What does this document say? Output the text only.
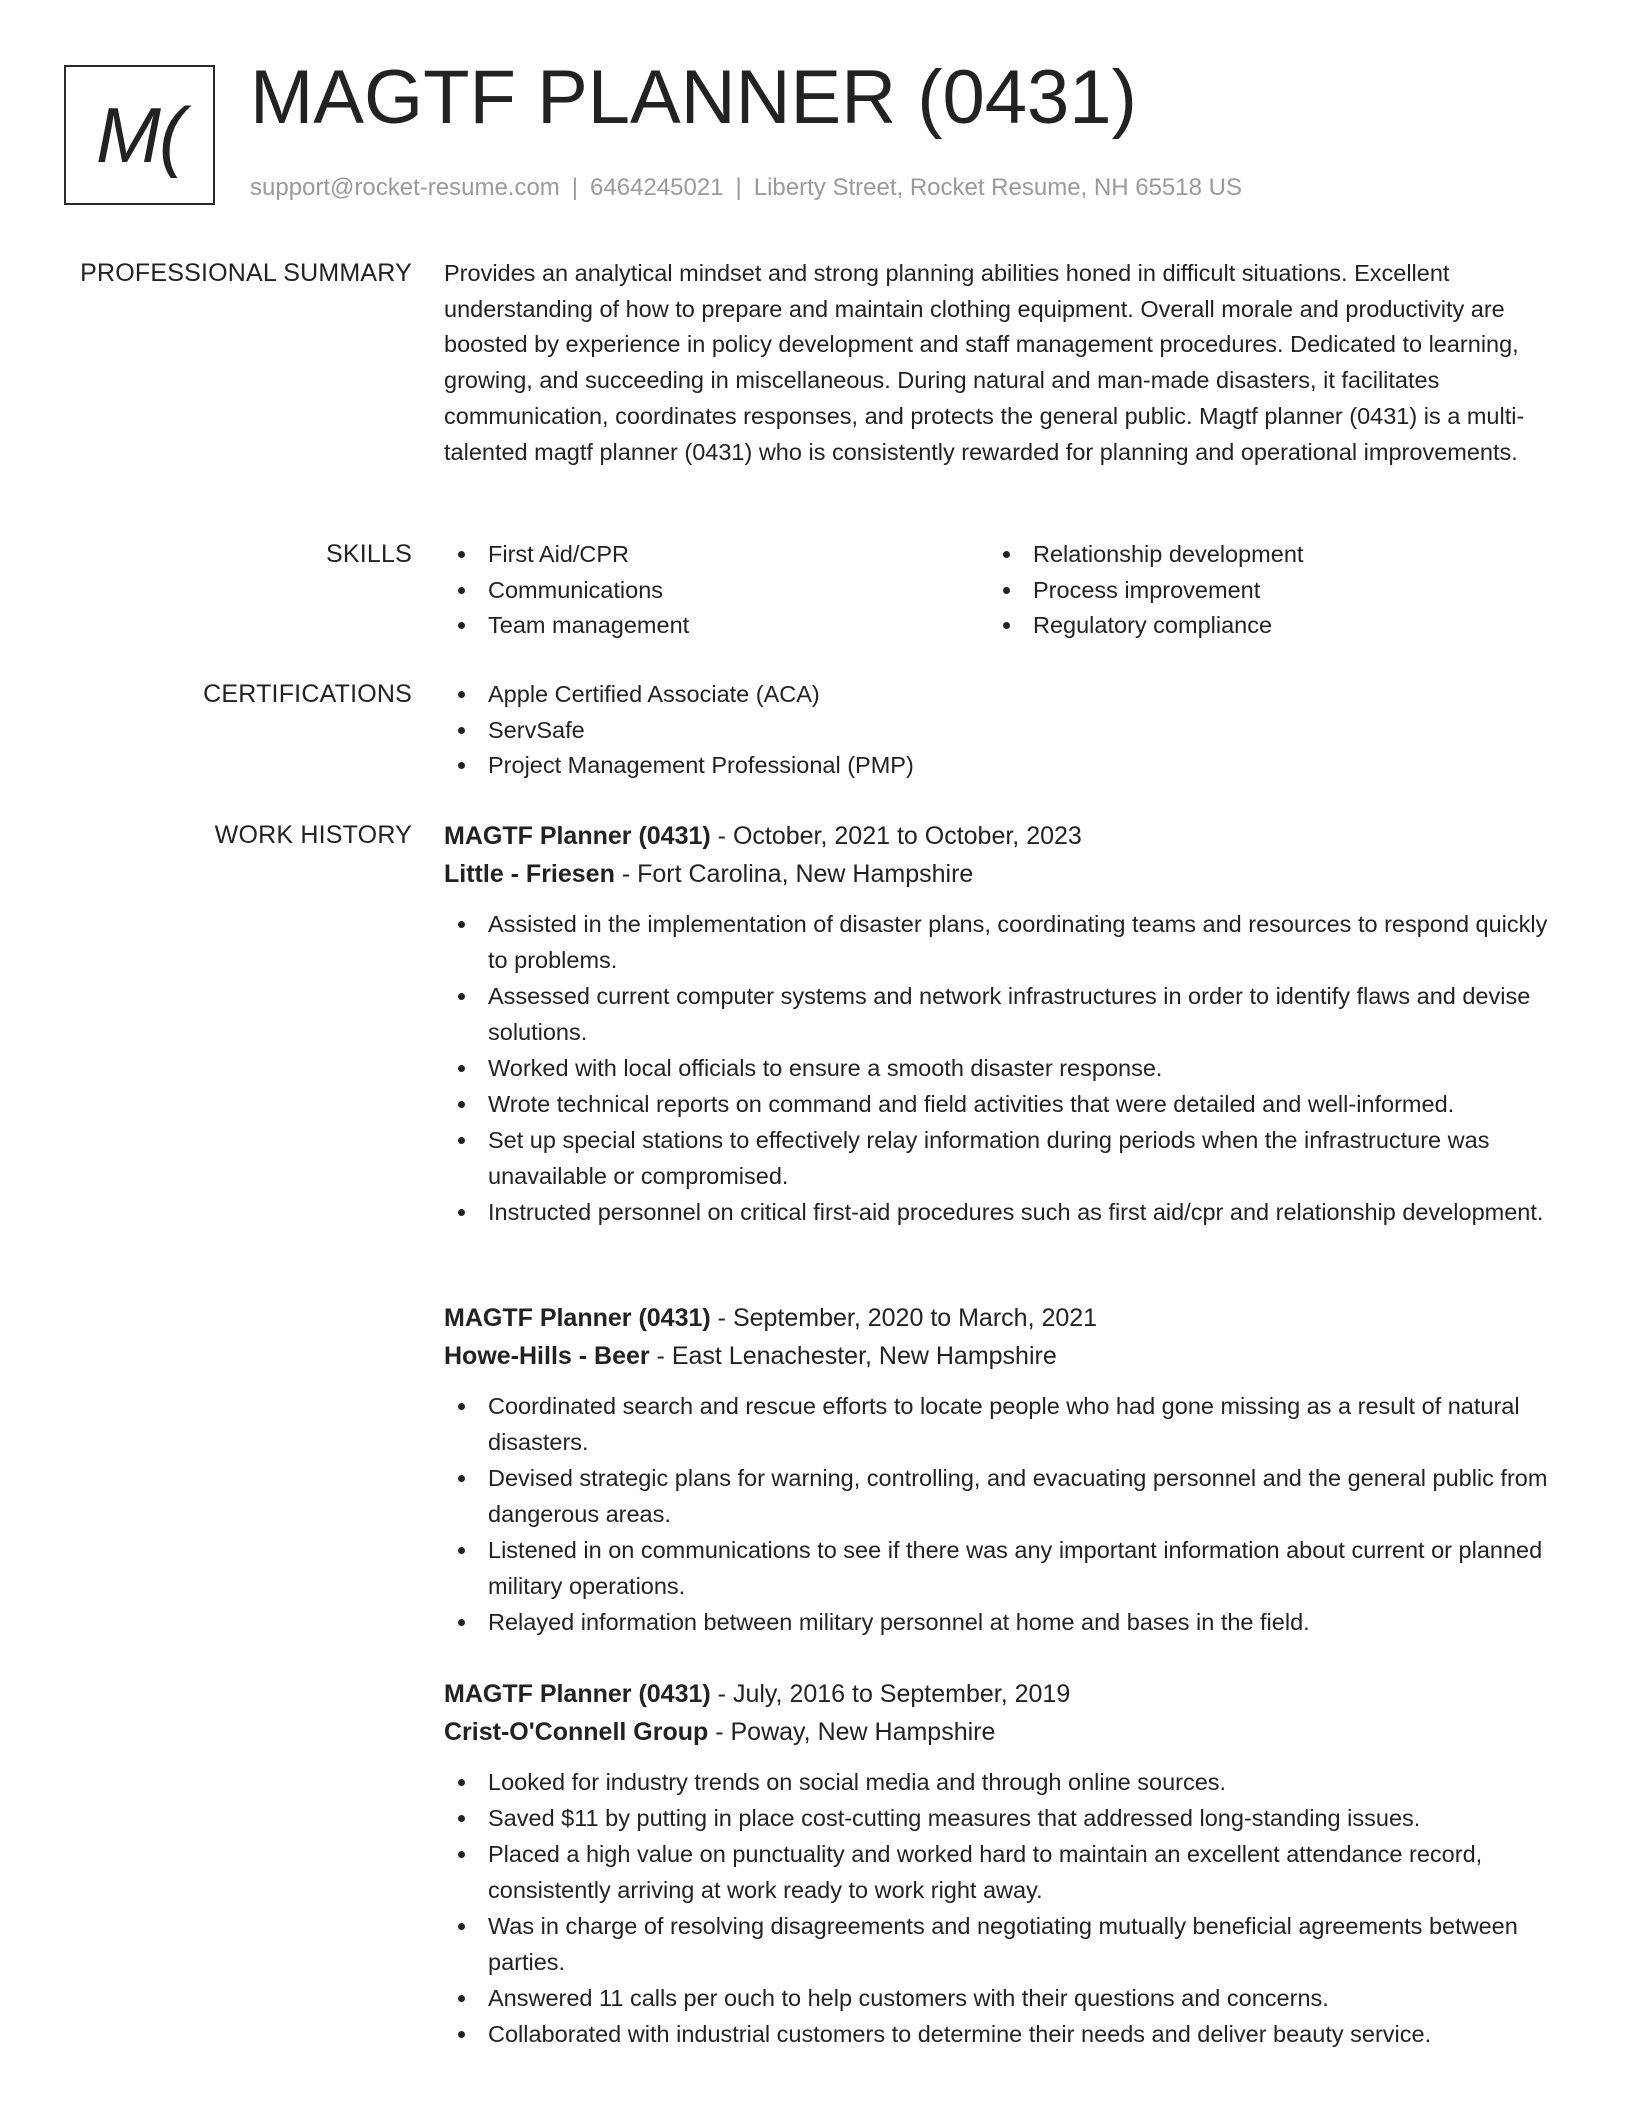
M( MAGTF PLANNER (0431)
support@rocket-resume.com | 6464245021 | Liberty Street, Rocket Resume, NH 65518 US
PROFESSIONAL SUMMARY Provides an analytical mindset and strong planning abilities honed in difficult situations. Excellent understanding of how to prepare and maintain clothing equipment. Overall morale and productivity are boosted by experience in policy development and staff management procedures. Dedicated to learning, growing, and succeeding in miscellaneous. During natural and man-made disasters, it facilitates communication, coordinates responses, and protects the general public. Magtf planner (0431) is a multi-talented magtf planner (0431) who is consistently rewarded for planning and operational improvements.

SKILLS	First Aid/CPR
Communications
Team management
Relationship development
Process improvement
Regulatory compliance
CERTIFICATIONS	Apple Certified Associate (ACA)
ServSafe
Project Management Professional (PMP)
WORK HISTORY MAGTF Planner (0431) - October, 2021 to October, 2023
Little - Friesen - Fort Carolina, New Hampshire
Assisted in the implementation of disaster plans, coordinating teams and resources to respond quickly to problems.
Assessed current computer systems and network infrastructures in order to identify flaws and devise solutions.
Worked with local officials to ensure a smooth disaster response.
Wrote technical reports on command and field activities that were detailed and well-informed.
Set up special stations to effectively relay information during periods when the infrastructure was unavailable or compromised.
Instructed personnel on critical first-aid procedures such as first aid/cpr and relationship development.
MAGTF Planner (0431) - September, 2020 to March, 2021
Howe-Hills - Beer - East Lenachester, New Hampshire
Coordinated search and rescue efforts to locate people who had gone missing as a result of natural disasters.
Devised strategic plans for warning, controlling, and evacuating personnel and the general public from dangerous areas.
Listened in on communications to see if there was any important information about current or planned military operations.
Relayed information between military personnel at home and bases in the field.
MAGTF Planner (0431) - July, 2016 to September, 2019
Crist-O'Connell Group - Poway, New Hampshire
Looked for industry trends on social media and through online sources.
Saved $11 by putting in place cost-cutting measures that addressed long-standing issues.
Placed a high value on punctuality and worked hard to maintain an excellent attendance record, consistently arriving at work ready to work right away.
Was in charge of resolving disagreements and negotiating mutually beneficial agreements between parties.
Answered 11 calls per ouch to help customers with their questions and concerns.
Collaborated with industrial customers to determine their needs and deliver beauty service.
